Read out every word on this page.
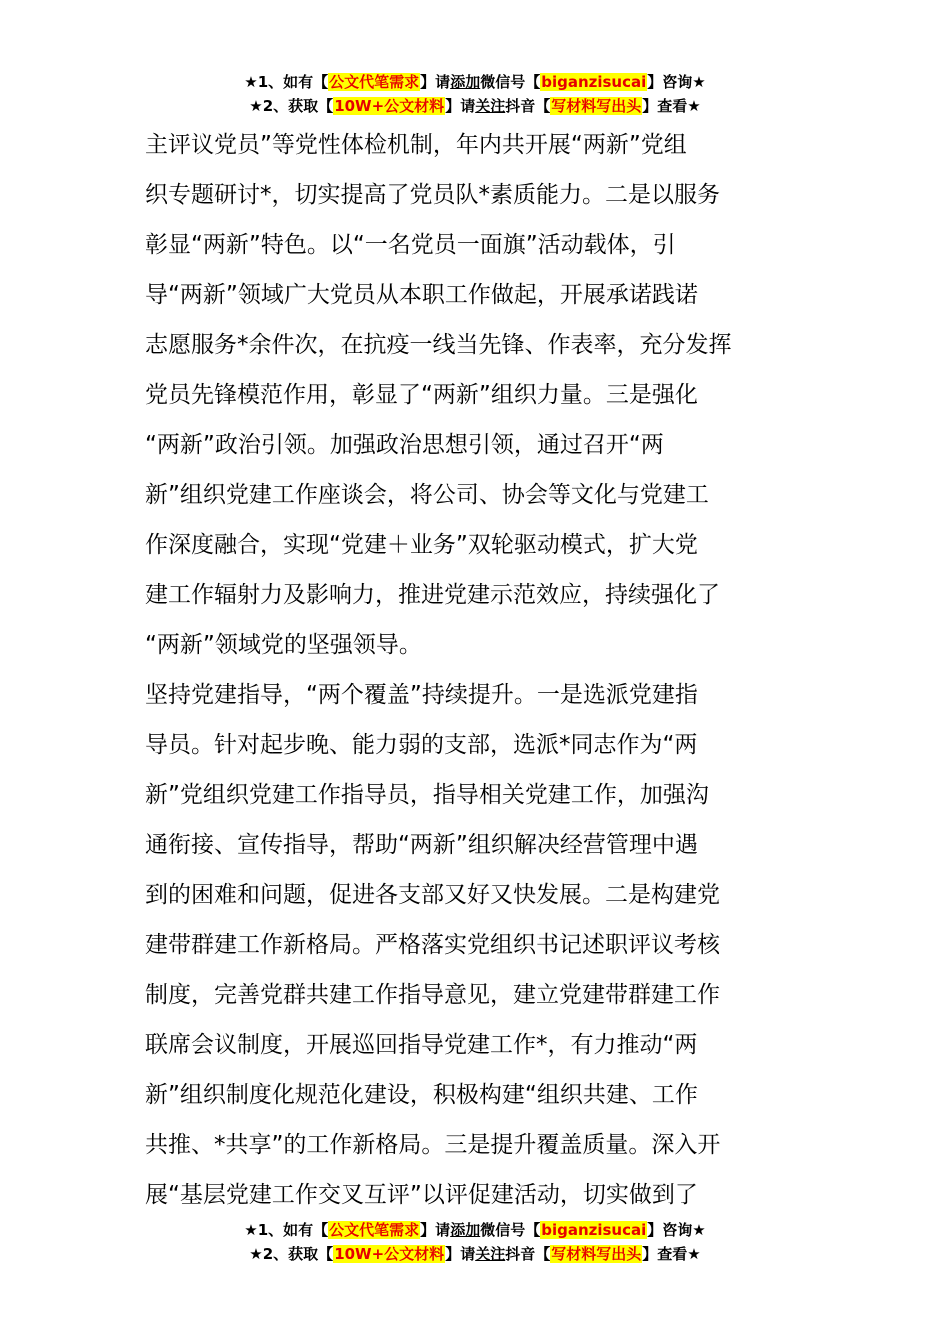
★1、如有【公文代笔需求】请添加微信号【biganzisucai】咨询★
★2、获取【10W+公文材料】请关注抖音【写材料写出头】查看★
主评议党员”等党性体检机制，年内共开展“两新”党组
织专题研讨*，切实提高了党员队*素质能力。二是以服务
彰显“两新”特色。以“一名党员一面旗”活动载体，引
导“两新”领域广大党员从本职工作做起，开展承诺践诺
志愿服务*余件次，在抗疫一线当先锋、作表率，充分发挥
党员先锋模范作用，彰显了“两新”组织力量。三是强化
“两新”政治引领。加强政治思想引领，通过召开“两
新”组织党建工作座谈会，将公司、协会等文化与党建工
作深度融合，实现“党建＋业务”双轮驱动模式，扩大党
建工作辐射力及影响力，推进党建示范效应，持续强化了
“两新”领域党的坚强领导。
坚持党建指导，“两个覆盖”持续提升。一是选派党建指
导员。针对起步晚、能力弱的支部，选派*同志作为“两
新”党组织党建工作指导员，指导相关党建工作，加强沟
通衔接、宣传指导，帮助“两新”组织解决经营管理中遇
到的困难和问题，促进各支部又好又快发展。二是构建党
建带群建工作新格局。严格落实党组织书记述职评议考核
制度，完善党群共建工作指导意见，建立党建带群建工作
联席会议制度，开展巡回指导党建工作*，有力推动“两
新”组织制度化规范化建设，积极构建“组织共建、工作
共推、*共享”的工作新格局。三是提升覆盖质量。深入开
展“基层党建工作交叉互评”以评促建活动，切实做到了
★1、如有【公文代笔需求】请添加微信号【biganzisucai】咨询★
★2、获取【10W+公文材料】请关注抖音【写材料写出头】查看★
